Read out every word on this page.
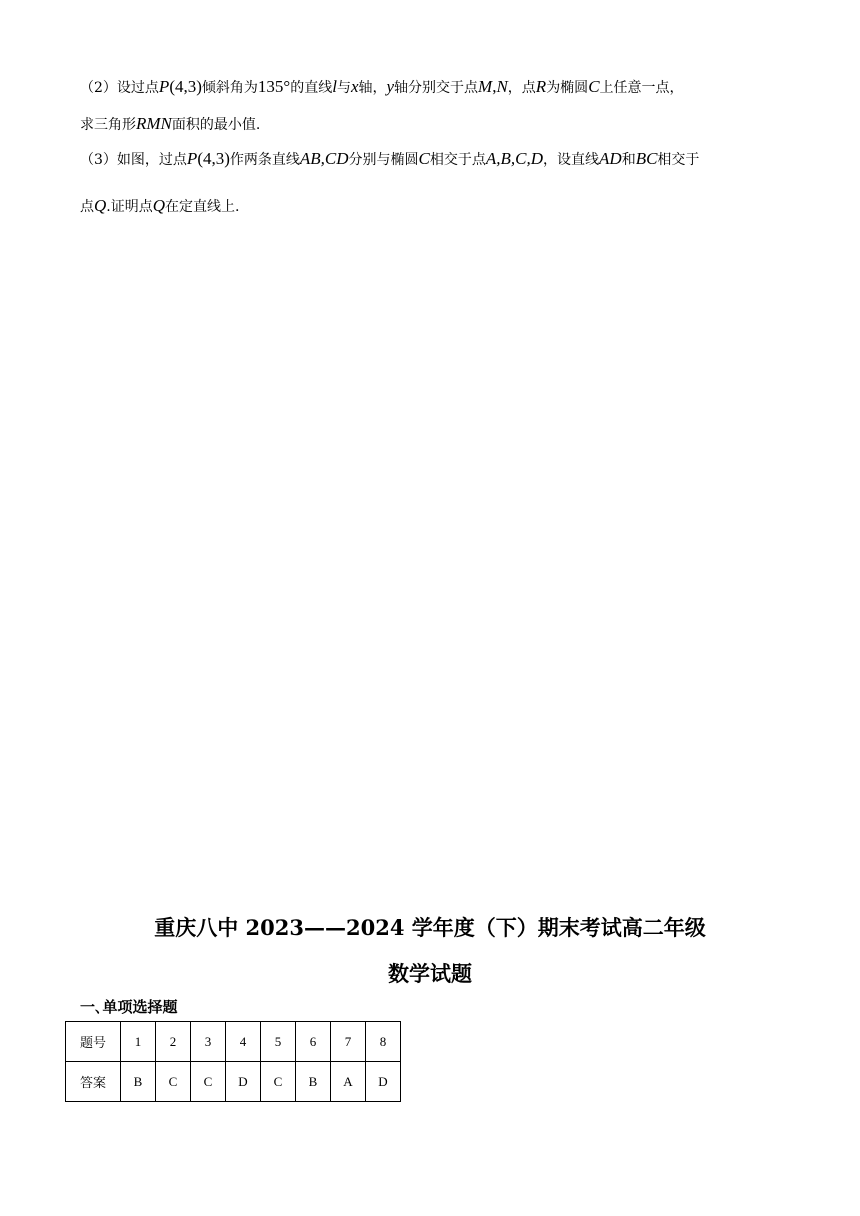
（2）设过点P(4,3)倾斜角为135°的直线l与x轴，y轴分别交于点M,N，点R为椭圆C上任意一点，
求三角形RMN面积的最小值.
（3）如图，过点P(4,3)作两条直线AB,CD分别与椭圆C相交于点A,B,C,D，设直线AD和BC相交于
点Q.证明点Q在定直线上.
重庆八中 2023——2024 学年度（下）期末考试高二年级
数学试题
一､单项选择题
题号	1	2	3	4	5	6	7	8
答案	B	C	C	D	C	B	A	D
